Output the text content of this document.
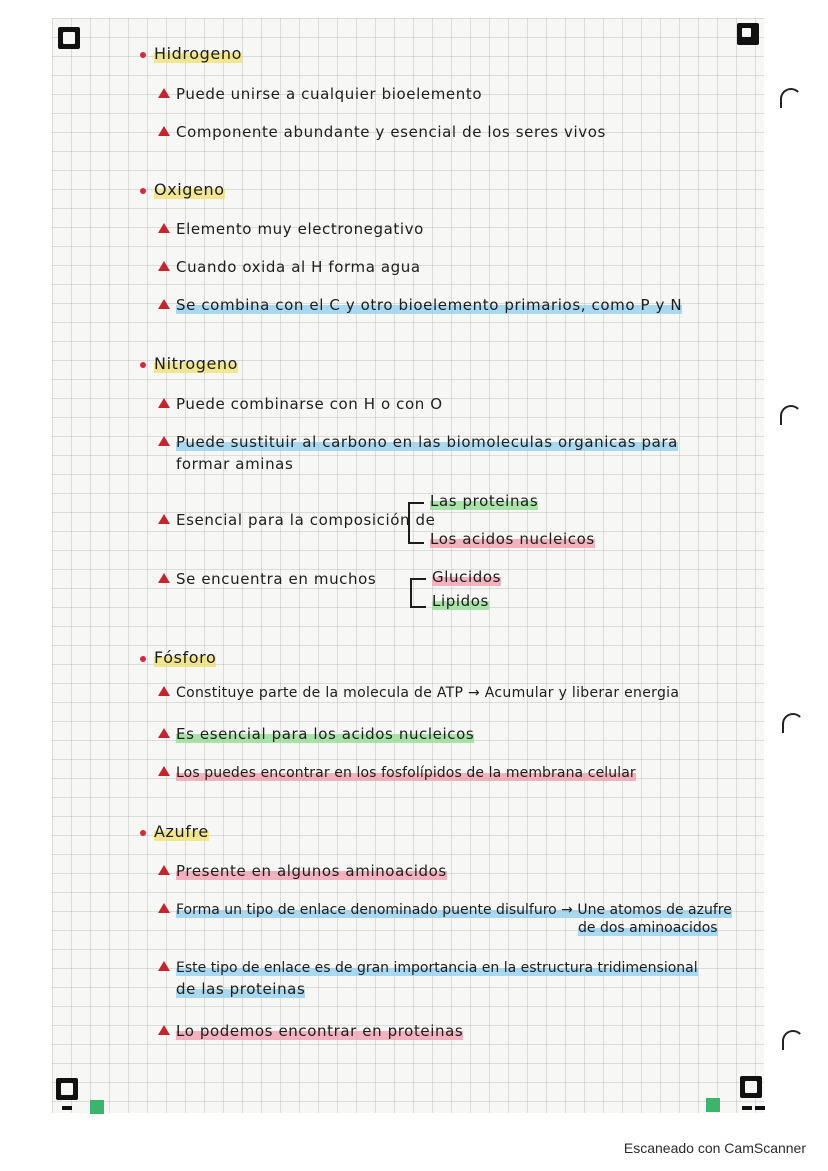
Hidrogeno
Puede unirse a cualquier bioelemento
Componente abundante y esencial de los seres vivos
Oxigeno
Elemento muy electronegativo
Cuando oxida al H forma agua
Se combina con el C y otro bioelemento primarios, como P y N
Nitrogeno
Puede combinarse con H o con O
Puede sustituir al carbono en las biomoleculas organicas para
formar aminas
Esencial para la composición de
Las proteinas
Los acidos nucleicos
Se encuentra en muchos	Glucidos
Lipidos
Fósforo
Constituye parte de la molecula de ATP → Acumular y liberar energia
Es esencial para los acidos nucleicos
Los puedes encontrar en los fosfolípidos de la membrana celular
Azufre
Presente en algunos aminoacidos
Forma un tipo de enlace denominado puente disulfuro → Une atomos de azufre
de dos aminoacidos
Este tipo de enlace es de gran importancia en la estructura tridimensional
de las proteinas
Lo podemos encontrar en proteinas
Escaneado con CamScanner
